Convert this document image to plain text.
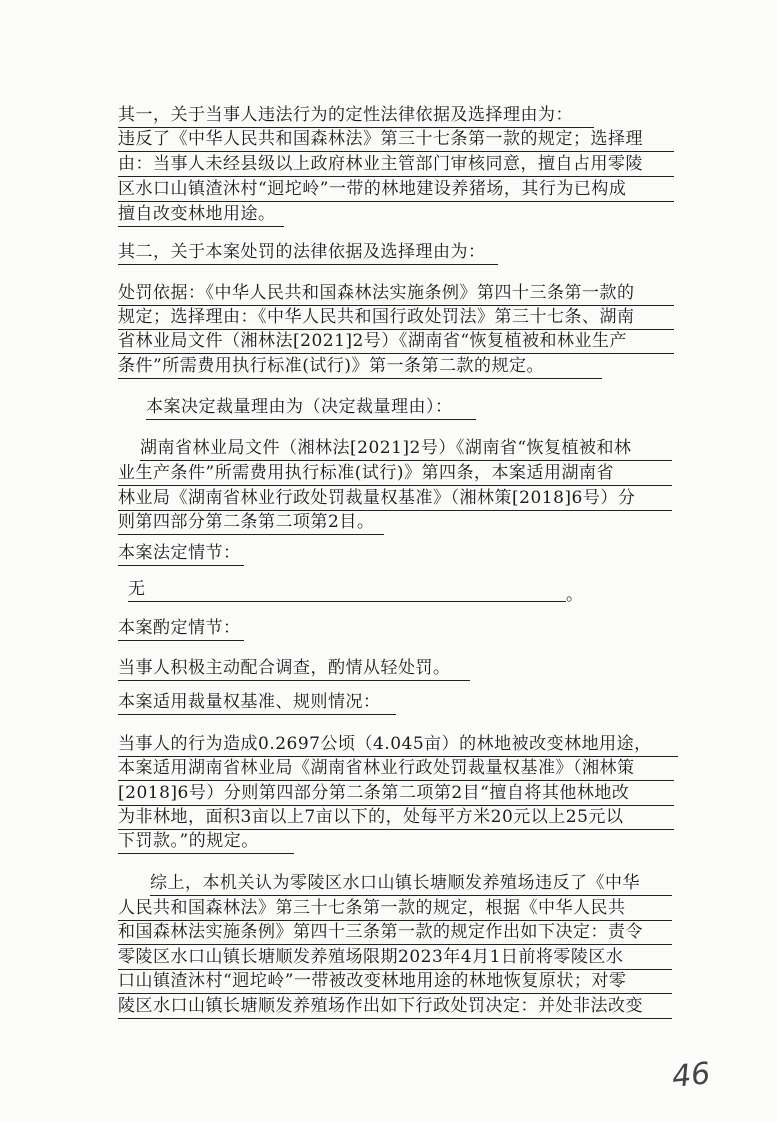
其一，关于当事人违法行为的定性法律依据及选择理由为：
违反了《中华人民共和国森林法》第三十七条第一款的规定；选择理
由：当事人未经县级以上政府林业主管部门审核同意，擅自占用零陵
区水口山镇渣沐村“迥坨岭”一带的林地建设养猪场，其行为已构成
擅自改变林地用途。
其二，关于本案处罚的法律依据及选择理由为：
处罚依据：《中华人民共和国森林法实施条例》第四十三条第一款的
规定；选择理由：《中华人民共和国行政处罚法》第三十七条、湖南
省林业局文件（湘林法[2021]2号）《湖南省“恢复植被和林业生产
条件”所需费用执行标准(试行)》第一条第二款的规定。
本案决定裁量理由为（决定裁量理由）：
湖南省林业局文件（湘林法[2021]2号）《湖南省“恢复植被和林
业生产条件”所需费用执行标准(试行)》第四条，本案适用湖南省
林业局《湖南省林业行政处罚裁量权基准》（湘林策[2018]6号）分
则第四部分第二条第二项第2目。
本案法定情节：
无	。
本案酌定情节：
当事人积极主动配合调查，酌情从轻处罚。
本案适用裁量权基准、规则情况：
当事人的行为造成0.2697公顷（4.045亩）的林地被改变林地用途，
本案适用湖南省林业局《湖南省林业行政处罚裁量权基准》（湘林策
[2018]6号）分则第四部分第二条第二项第2目“擅自将其他林地改
为非林地，面积3亩以上7亩以下的，处每平方米20元以上25元以
下罚款。”的规定。
综上，本机关认为零陵区水口山镇长塘顺发养殖场违反了《中华
人民共和国森林法》第三十七条第一款的规定，根据《中华人民共
和国森林法实施条例》第四十三条第一款的规定作出如下决定：责令
零陵区水口山镇长塘顺发养殖场限期2023年4月1日前将零陵区水
口山镇渣沐村“迥坨岭”一带被改变林地用途的林地恢复原状；对零
陵区水口山镇长塘顺发养殖场作出如下行政处罚决定：并处非法改变
46
